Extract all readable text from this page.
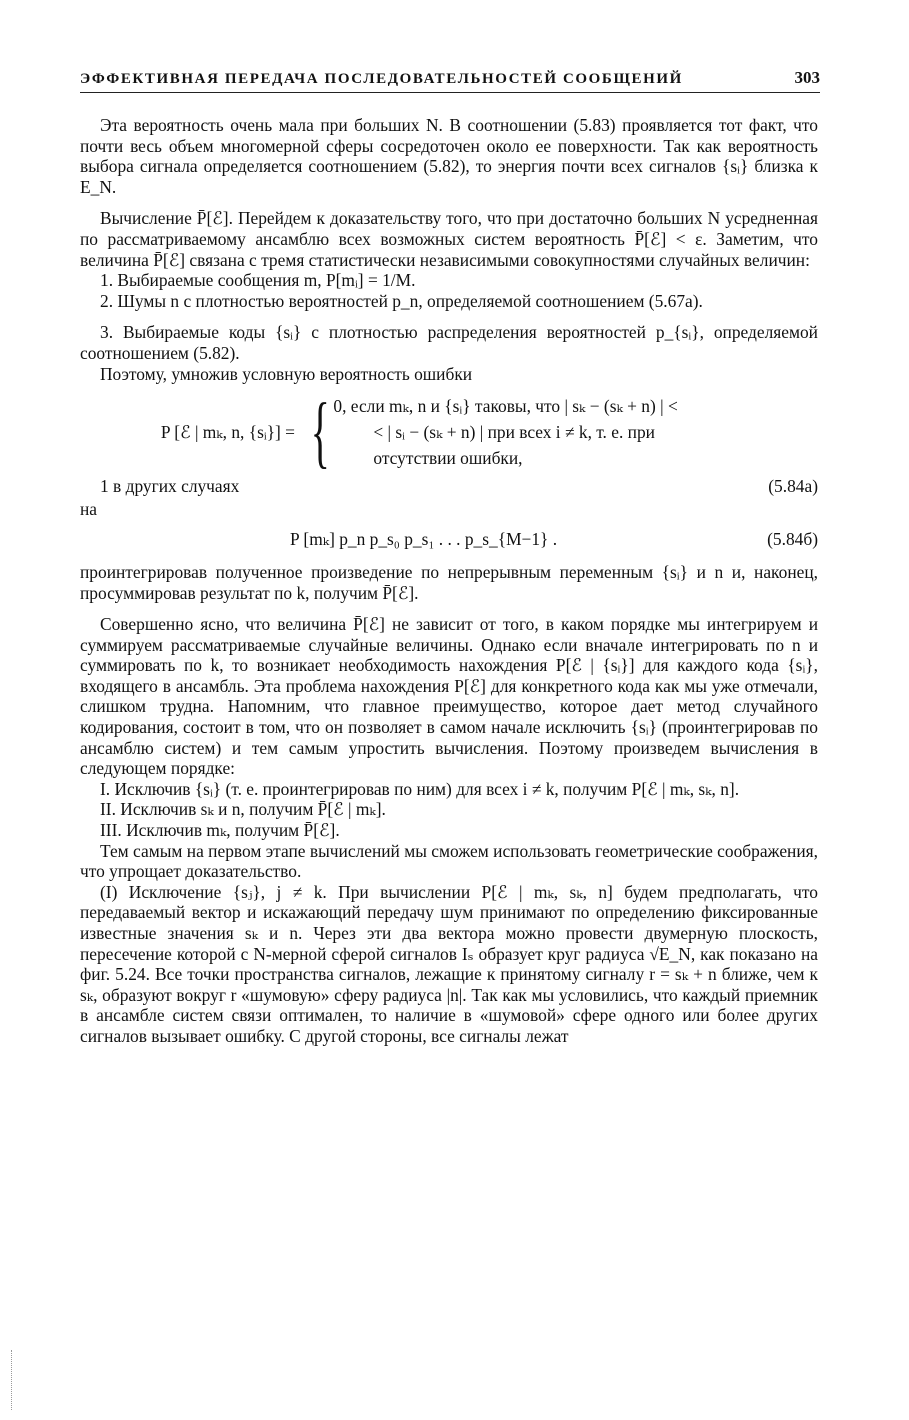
ЭФФЕКТИВНАЯ ПЕРЕДАЧА ПОСЛЕДОВАТЕЛЬНОСТЕЙ СООБЩЕНИЙ	303

Эта вероятность очень мала при больших N. В соотношении (5.83) проявляется тот факт, что почти весь объем многомерной сферы сосредоточен около ее поверхности. Так как вероятность выбора сигнала определяется соотношением (5.82), то энергия почти всех сигналов {sᵢ} близка к E_N.

Вычисление P̄[ℰ]. Перейдем к доказательству того, что при достаточно больших N усредненная по рассматриваемому ансамблю всех возможных систем вероятность P̄[ℰ] < ε. Заметим, что величина P̄[ℰ] связана с тремя статистически независимыми совокупностями случайных величин:

1. Выбираемые сообщения m, P[mᵢ] = 1/M.

2. Шумы n с плотностью вероятностей p_n, определяемой соотношением (5.67a).

3. Выбираемые коды {sᵢ} с плотностью распределения вероятностей p_{sᵢ}, определяемой соотношением (5.82).

Поэтому, умножив условную вероятность ошибки

P [ℰ | mₖ, n, {sᵢ}] = { 0, если mₖ, n и {sᵢ} таковы, что | sₖ − (sₖ + n) | <
< | sᵢ − (sₖ + n) | при всех i ≠ k, т. е. при
отсутствии ошибки,
1 в других случаях	(5.84a)

на

P [mₖ] p_n p_s₀ p_s₁ . . . p_s_{M−1} .	(5.84б)

проинтегрировав полученное произведение по непрерывным переменным {sᵢ} и n и, наконец, просуммировав результат по k, получим P̄[ℰ].

Совершенно ясно, что величина P̄[ℰ] не зависит от того, в каком порядке мы интегрируем и суммируем рассматриваемые случайные величины. Однако если вначале интегрировать по n и суммировать по k, то возникает необходимость нахождения P[ℰ | {sᵢ}] для каждого кода {sᵢ}, входящего в ансамбль. Эта проблема нахождения P[ℰ] для конкретного кода как мы уже отмечали, слишком трудна. Напомним, что главное преимущество, которое дает метод случайного кодирования, состоит в том, что он позволяет в самом начале исключить {sᵢ} (проинтегрировав по ансамблю систем) и тем самым упростить вычисления. Поэтому произведем вычисления в следующем порядке:

I. Исключив {sᵢ} (т. е. проинтегрировав по ним) для всех i ≠ k, получим P[ℰ | mₖ, sₖ, n].

II. Исключив sₖ и n, получим P̄[ℰ | mₖ].

III. Исключив mₖ, получим P̄[ℰ].

Тем самым на первом этапе вычислений мы сможем использовать геометрические соображения, что упрощает доказательство.

(I) Исключение {sⱼ}, j ≠ k. При вычислении P[ℰ | mₖ, sₖ, n] будем предполагать, что передаваемый вектор и искажающий передачу шум принимают по определению фиксированные известные значения sₖ и n. Через эти два вектора можно провести двумерную плоскость, пересечение которой с N-мерной сферой сигналов Iₛ образует круг радиуса √E_N, как показано на фиг. 5.24. Все точки пространства сигналов, лежащие к принятому сигналу r = sₖ + n ближе, чем к sₖ, образуют вокруг r «шумовую» сферу радиуса |n|. Так как мы условились, что каждый приемник в ансамбле систем связи оптимален, то наличие в «шумовой» сфере одного или более других сигналов вызывает ошибку. С другой стороны, все сигналы лежат
